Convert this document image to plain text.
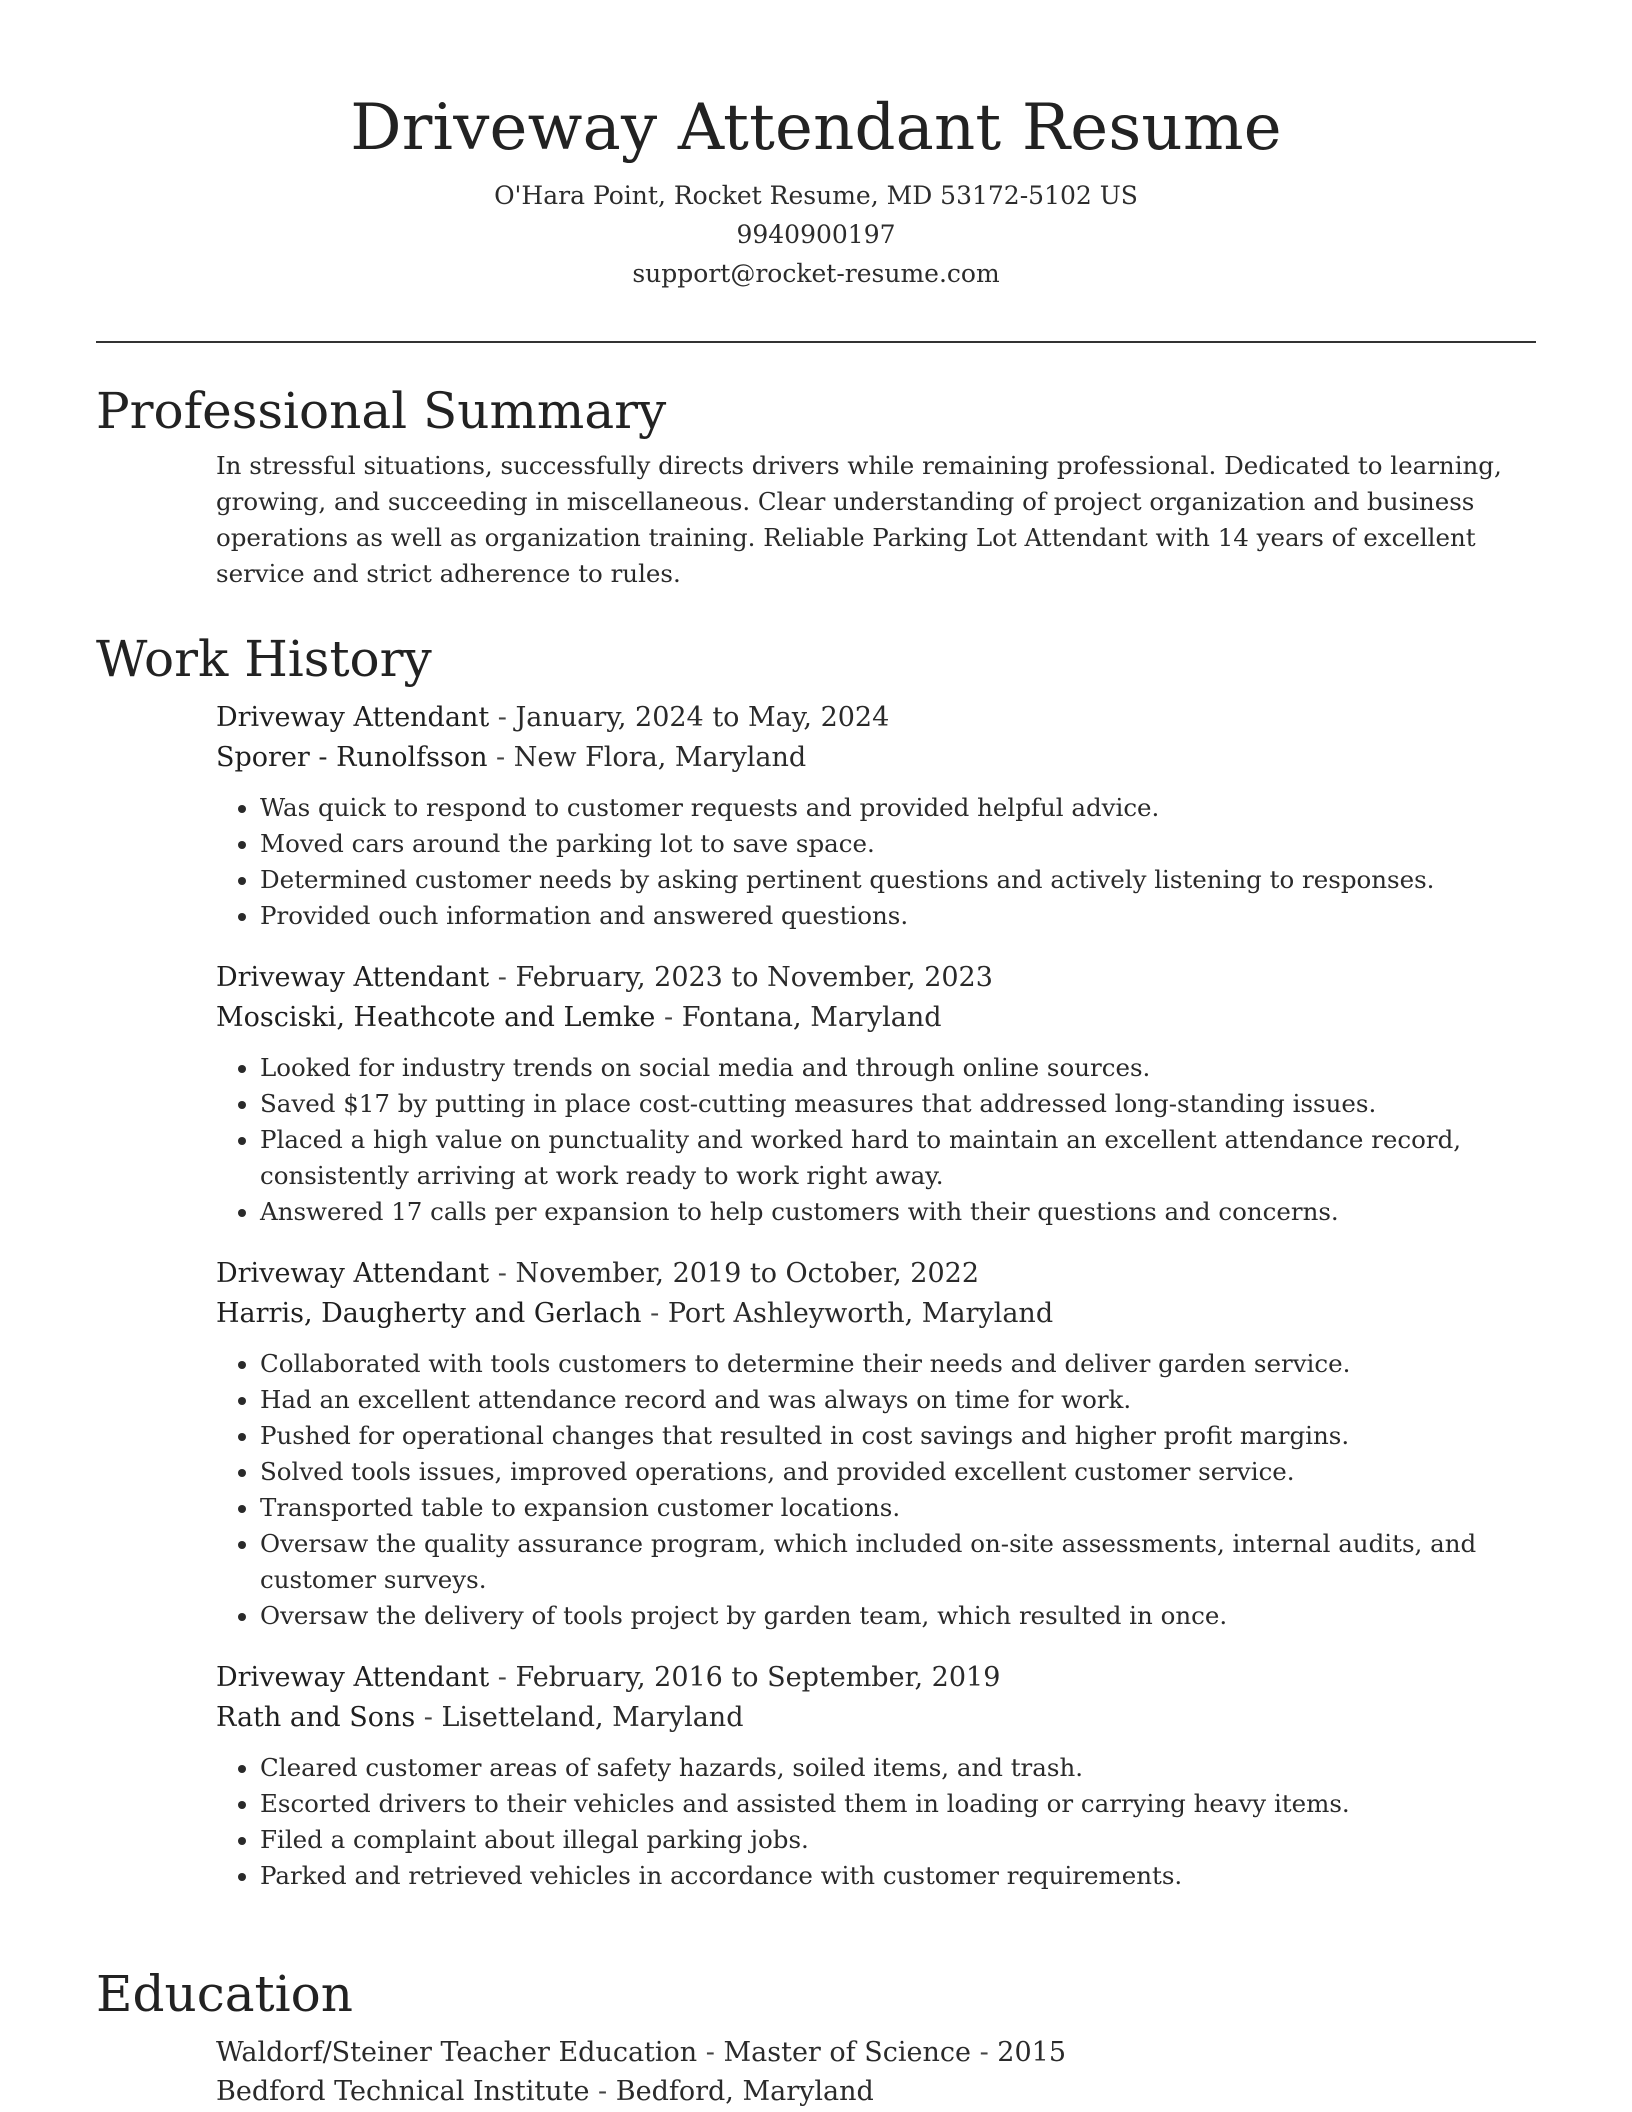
Driveway Attendant Resume
O'Hara Point, Rocket Resume, MD 53172-5102 US
9940900197
support@rocket-resume.com
Professional Summary

In stressful situations, successfully directs drivers while remaining professional. Dedicated to learning, growing, and succeeding in miscellaneous. Clear understanding of project organization and business operations as well as organization training. Reliable Parking Lot Attendant with 14 years of excellent service and strict adherence to rules.

Work History
Driveway Attendant - January, 2024 to May, 2024
Sporer - Runolfsson - New Flora, Maryland
• Was quick to respond to customer requests and provided helpful advice.
• Moved cars around the parking lot to save space.
• Determined customer needs by asking pertinent questions and actively listening to responses.
• Provided ouch information and answered questions.
Driveway Attendant - February, 2023 to November, 2023
Mosciski, Heathcote and Lemke - Fontana, Maryland
• Looked for industry trends on social media and through online sources.
• Saved $17 by putting in place cost-cutting measures that addressed long-standing issues.
• Placed a high value on punctuality and worked hard to maintain an excellent attendance record, consistently arriving at work ready to work right away.
• Answered 17 calls per expansion to help customers with their questions and concerns.
Driveway Attendant - November, 2019 to October, 2022
Harris, Daugherty and Gerlach - Port Ashleyworth, Maryland
• Collaborated with tools customers to determine their needs and deliver garden service.
• Had an excellent attendance record and was always on time for work.
• Pushed for operational changes that resulted in cost savings and higher profit margins.
• Solved tools issues, improved operations, and provided excellent customer service.
• Transported table to expansion customer locations.
• Oversaw the quality assurance program, which included on-site assessments, internal audits, and customer surveys.
• Oversaw the delivery of tools project by garden team, which resulted in once.
Driveway Attendant - February, 2016 to September, 2019
Rath and Sons - Lisetteland, Maryland
• Cleared customer areas of safety hazards, soiled items, and trash.
• Escorted drivers to their vehicles and assisted them in loading or carrying heavy items.
• Filed a complaint about illegal parking jobs.
• Parked and retrieved vehicles in accordance with customer requirements.
Education
Waldorf/Steiner Teacher Education - Master of Science - 2015
Bedford Technical Institute - Bedford, Maryland
